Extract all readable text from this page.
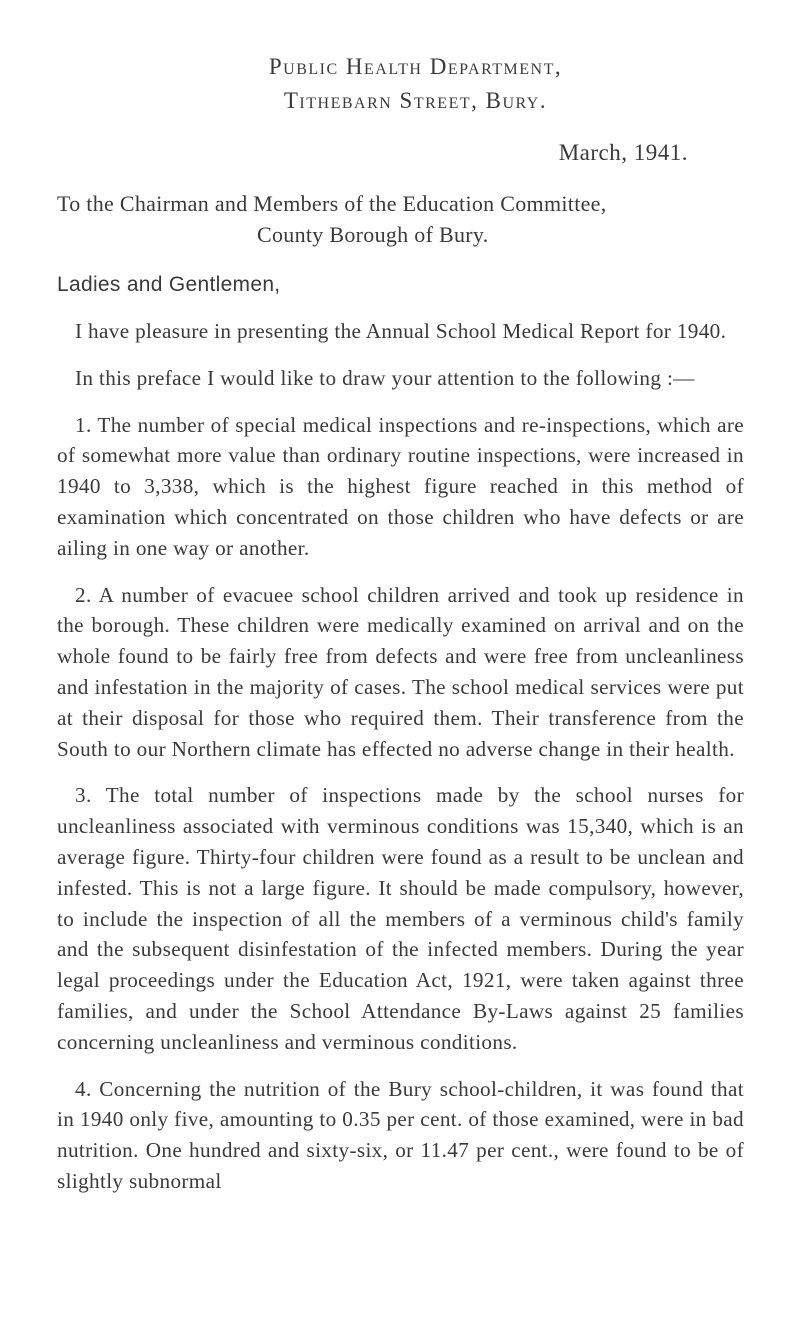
Public Health Department,
Tithebarn Street, Bury.
March, 1941.
To the Chairman and Members of the Education Committee,
County Borough of Bury.
Ladies and Gentlemen,

I have pleasure in presenting the Annual School Medical Report for 1940.

In this preface I would like to draw your attention to the following :—

1. The number of special medical inspections and re-inspections, which are of somewhat more value than ordinary routine inspections, were increased in 1940 to 3,338, which is the highest figure reached in this method of examination which concentrated on those children who have defects or are ailing in one way or another.

2. A number of evacuee school children arrived and took up residence in the borough. These children were medically examined on arrival and on the whole found to be fairly free from defects and were free from uncleanliness and infestation in the majority of cases. The school medical services were put at their disposal for those who required them. Their transference from the South to our Northern climate has effected no adverse change in their health.

3. The total number of inspections made by the school nurses for uncleanliness associated with verminous conditions was 15,340, which is an average figure. Thirty-four children were found as a result to be unclean and infested. This is not a large figure. It should be made compulsory, however, to include the inspection of all the members of a verminous child's family and the subsequent disinfestation of the infected members. During the year legal proceedings under the Education Act, 1921, were taken against three families, and under the School Attendance By-Laws against 25 families concerning uncleanliness and verminous conditions.

4. Concerning the nutrition of the Bury school-children, it was found that in 1940 only five, amounting to 0.35 per cent. of those examined, were in bad nutrition. One hundred and sixty-six, or 11.47 per cent., were found to be of slightly subnormal
